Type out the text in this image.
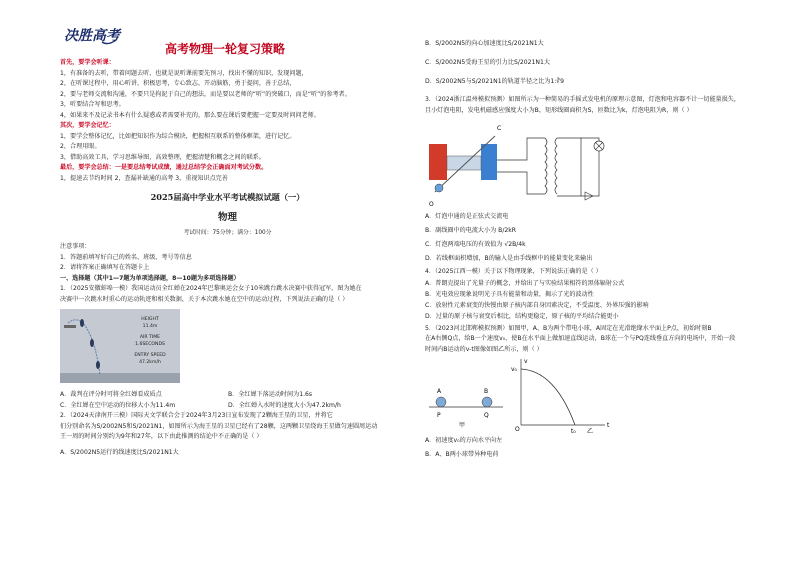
决胜高考
高考物理一轮复习策略
首先，要学会听课：
1，有准备的去听，带着问题去听，也就是说听课前要先预习，找出不懂的知识，发现问题，
2，在听课过程中，用心听讲，积极思考，专心致志，开动脑筋，勇于提问，善于总结，
2，要与老师交流和沟通，不要只是拘泥于自己的想法，而是要以老师的“听”的突破口，而是“听”的参考者。
3，听要结合写和思考。
4，如果来不及记录书本有什么疑惑或者需要补充的，那么要在课后要把握一定要及时问问老师。
其次，要学会记忆：
1，要学会整体记忆，比如把知识作为综合模块，把握相互联系的整体框架，进行记忆。
2，合理用眼。
3，借助高效工具，学习思维导图，高效整理，把握清楚和概念之间的联系。
最后，要学会总结：一是要总结考试成绩，通过总结学会正确面对考试分数。
1，提速去节约时间 2，查漏补缺通的高考 3，重视知识点完善
2025届高中学业水平考试模拟试题（一）
物理
考试时间：75分钟；满分：100分
注意事项：
1．答题前填写好自己的姓名、班级、考号等信息
2．请将答案正确填写在答题卡上
一、选择题（其中1—7题为单项选择题，8—10题为多项选择题）
1．（2025安徽蚌埠一模）我国运动员全红婵在2024年巴黎奥运会女子10米跳台跳水决赛中获得冠军，图为她在
决赛中一次跳水时重心的运动轨迹和相关数据，关于本次跳水她在空中的运动过程，下列说法正确的是（ ）
HEIGHT
11.4m
AIR TIME
1.6SECONDS
ENTRY SPEED
47.2km/h
A．裁判在评分时可将全红婵看成质点	B．全红婵下落运动时间为1.6s
C．全红婵在空中运动的位移大小为11.4m	D．全红婵入水时的速度大小为47.2km/h
2．（2024天津南开三模）国际天文学联合会于2024年3月23日宣布发现了2颗海王星的卫星，并将它
们分别命名为S/2002N5和S/2021N1，如图所示为海王星的卫星已经有了28颗，这两颗卫星绕海王星做匀速圆周运动
王一周的时间分别约为9年和27年，以下由此推测的结论中不正确的是（ ）
A．S/2002N5运行的线速度比S/2021N1大
B．S/2002N5的向心加速度比S/2021N1大
C．S/2002N5受海王星的引力比S/2021N1大
D．S/2002N5与S/2021N1的轨道半径之比为1:∛9
3．（2024浙江温州模拟预测）如图所示为一种简易的手摇式发电机的原理示意图，灯泡和电容器不计一切能量损失，
且小灯泡电阻，发电机磁感应强度大小为B，矩形线圈面积为S，匝数比为k，灯泡电阻为R，则（ ）
O
C
A．灯泡中通的是正弦式交流电
B．副线圈中的电流大小为 B/2kR
C．灯泡两端电压的有效值为 √2B/4k
D．若线框面积增加，B的输入是由手线框中的能量变化来输出
4．（2025江西一模）关于以下物理现象，下列说法正确的是（ ）
A．普朗克提出了光量子的概念，并给出了与实验结果相符的黑体辐射公式
B．光电效应现象说明光子具有能量和动量，揭示了光的波动性
C．放射性元素衰变的快慢由原子核内部自身因素决定，不受温度、外界压强的影响
D．过量的原子核与衰变后相比，结构更稳定，原子核的平均结合能更小
5．（2023河北邯郸模拟预测）如图甲，A、B为两个带电小球，A固定在光滑绝缘水平面上P点，初始时刻B
在A右侧Q点，给B一个速度v₀，使B在水平面上做加速直线运动，B球在一个与PQ连线垂直方向的电场中，开始一段
时间内B运动的v-t图像如图乙所示，则（ ）
A	B
P	Q
甲
v
v₀
t
t₀
O	乙
A．初速度v₀的方向水平向左
B．A、B两小球带异种电荷
